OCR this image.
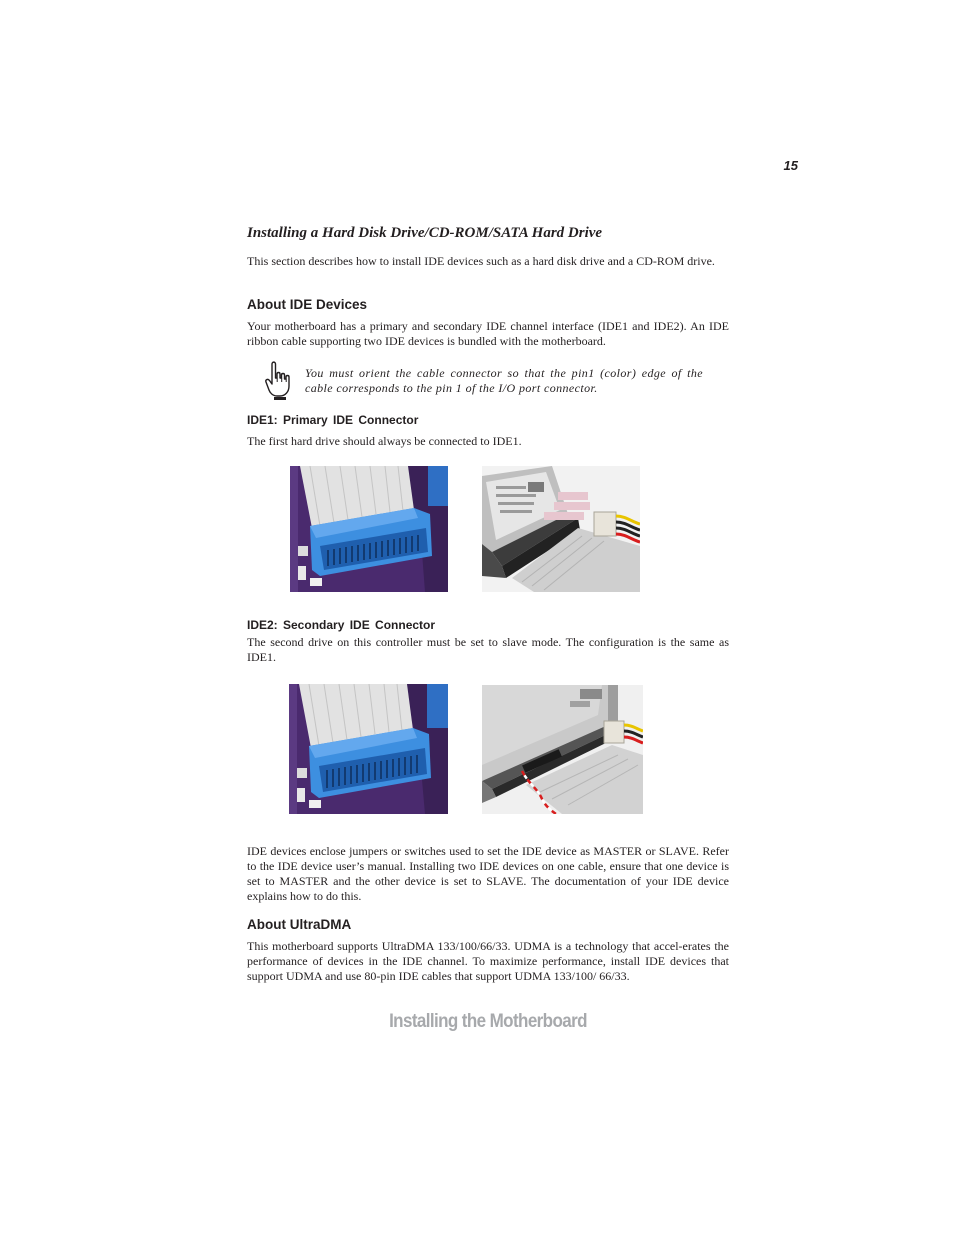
15
Installing a Hard Disk Drive/CD-ROM/SATA Hard Drive
This section describes how to install IDE devices such as a hard disk drive and a CD-ROM drive.
About IDE Devices
Your motherboard has a primary and secondary IDE channel interface (IDE1 and IDE2). An IDE ribbon cable supporting two IDE devices is bundled with the motherboard.
You must orient the cable connector so that the pin1 (color) edge of the cable corresponds to the pin 1 of the I/O port connector.
IDE1: Primary IDE Connector
The first hard drive should always be connected to IDE1.
IDE2: Secondary IDE Connector
The second drive on this controller must be set to slave mode. The configuration is the same as IDE1.
IDE devices enclose jumpers or switches used to set the IDE device as MASTER or SLAVE. Refer to the IDE device user’s manual. Installing two IDE devices on one cable, ensure that one device is set to MASTER and the other device is set to SLAVE. The documentation of your IDE device explains how to do this.
About UltraDMA
This motherboard supports UltraDMA 133/100/66/33. UDMA is a technology that accel-erates the performance of devices in the IDE channel. To maximize performance, install IDE devices that support UDMA and use 80-pin IDE cables that support UDMA 133/100/ 66/33.
Installing the Motherboard
